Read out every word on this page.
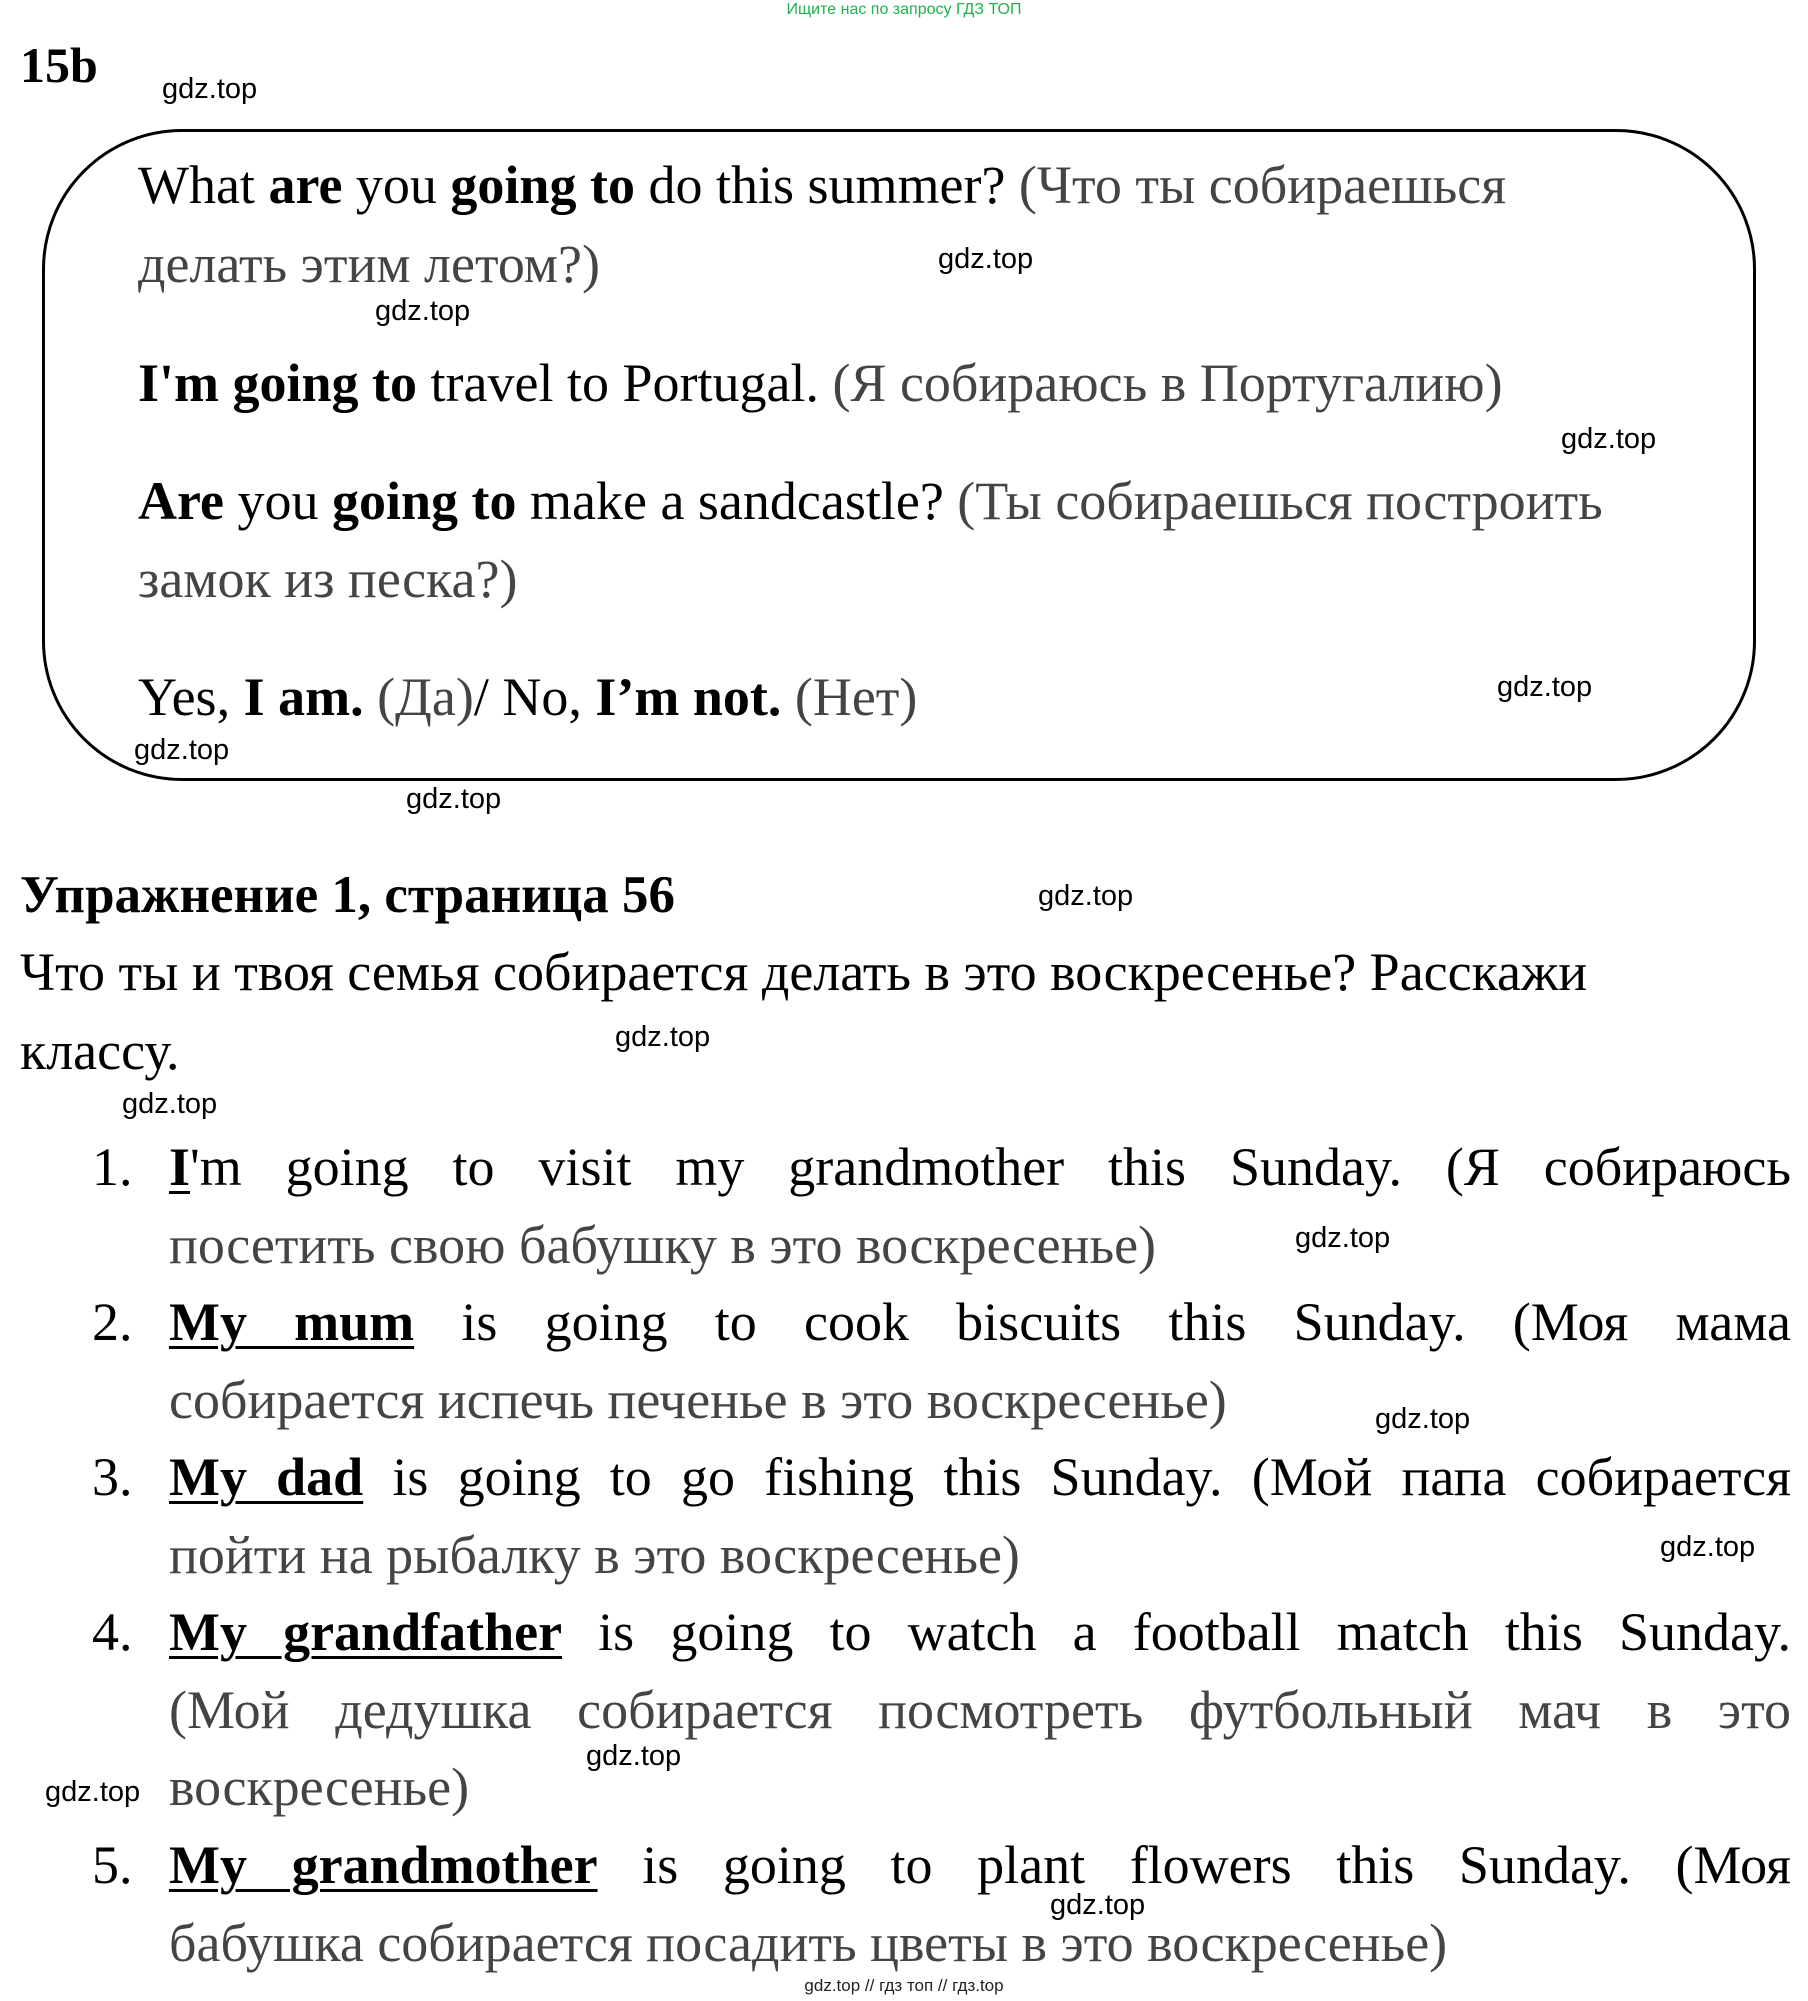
Ищите нас по запросу ГДЗ ТОП
15b
What are you going to do this summer? (Что ты собираешься
делать этим летом?)
I'm going to travel to Portugal. (Я собираюсь в Португалию)
Are you going to make a sandcastle? (Ты собираешься построить
замок из песка?)
Yes, I am. (Да)/ No, I’m not. (Нет)
Упражнение 1, страница 56
Что ты и твоя семья собирается делать в это воскресенье? Расскажи
классу.
1. I'm going to visit my grandmother this Sunday. (Я собираюсь
посетить свою бабушку в это воскресенье)
2. My mum is going to cook biscuits this Sunday. (Моя мама
собирается испечь печенье в это воскресенье)
3. My dad is going to go fishing this Sunday. (Мой папа собирается
пойти на рыбалку в это воскресенье)
4. My grandfather is going to watch a football match this Sunday.
(Мой дедушка собирается посмотреть футбольный мач в это
воскресенье)
5. My grandmother is going to plant flowers this Sunday. (Моя
бабушка собирается посадить цветы в это воскресенье)
gdz.top
gdz.top
gdz.top
gdz.top
gdz.top
gdz.top
gdz.top
gdz.top
gdz.top
gdz.top
gdz.top
gdz.top
gdz.top
gdz.top
gdz.top
gdz.top
gdz.top // гдз топ // гдз.top
